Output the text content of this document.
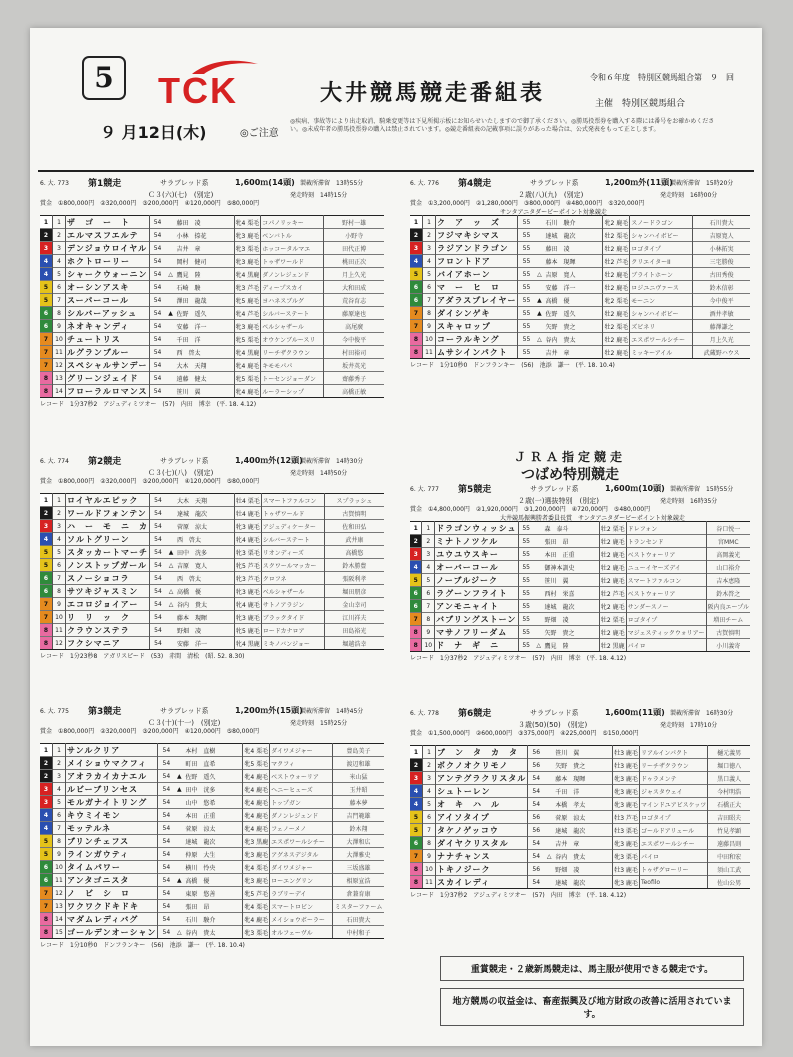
5	TCK	大井競馬競走番組表
令和６年度　特別区競馬組合第　９　回
主催　特別区競馬組合
９ 月12日(木)	◎ご注意
◎疾病、事故等により出走取消、騎乗変更等は下見所掲示板にお知らせいたしますので御了承ください。◎勝馬投票券を購入する際には番号をお確かめください。◎未成年者の勝馬投票券の購入は禁止されています。◎競走番組表の記載事項に誤りがあった場合は、公式発表をもって正とします。
6. 大. 773 第1競走	サラブレッド系	1,600ｍ(14頭) 製載所滞留　13時55分
Ｃ３(六)(七)　(別定)	発走時刻　14時15分
賞金　①800,000円　②320,000円　③200,000円　④120,000円　⑤80,000円
1	1	ザ　ゴ　ー　ト	54		藤田　凌	牝4 栗毛	コパノリッキー	野村一雄
2	2	エルマスフエルテ	54		小林　捺花	牝3 鹿毛	ベンバトル	小野寺
3	3	デンジョウロイヤル	54		吉井　章	牝3 栗毛	ホッコータルマエ	田代正博
4	4	ホクトローリー	54		岡村　健司	牝3 鹿毛	トゥザワールド	桃田正次
4	5	シャークウォーニン	54	△	鷹見　陸	牝4 黒鹿	ダノンレジェンド	月上久光
5	6	オーシンアスキ	54		石崎　駿	牝3 芦毛	ディープスカイ	大和田成
5	7	スーパーコール	54		澤田　龍哉	牝5 鹿毛	ヨハネスブルグ	荒谷育志
6	8	シルバーアッシュ	54	▲	佐野　遥久	牝4 芦毛	シルバーステート	藤原達也
6	9	ネオキャンディ	54		安藤　洋一	牝3 鹿毛	ベルシャザール	高尾廣
7	10	チュートリス	54		千田　洋	牝5 栗毛	オウケンブルースリ	今中俊平
7	11	ルグランブルー	54		西　啓太	牝4 黒鹿	リーチザクラウン	村田裕司
7	12	スペシャルサンデー	54		大木　天翔	牝4 鹿毛	キモモパパ	坂井英光
8	13	グリーンジェイド	54		遠藤　健太	牝5 栗毛	トーセンジョーダン	齋藤秀子
8	14	フローラルロマンス	54		笹川　翼	牝4 鹿毛	ルーラーシップ	高橋正敏
レコード　1分37秒2　アジュディミツオー　(57)　内田　博幸　(平. 18. 4.12)
6. 大. 774 第2競走	サラブレッド系	1,400ｍ外(12頭)
製載所滞留　14時30分
Ｃ３(七)(八)　(別定)	発走時刻　14時50分
賞金　①800,000円　②320,000円　③200,000円　④120,000円　⑤80,000円
1	1	ロイヤルエピック	54		大木　天翔	牡4 栗毛	スマートファルコン	スプラッシュ
2	2	ワールドフォンテン	54		達城　龍次	牡4 鹿毛	トゥザワールド	古賀慎明
3	3	ハ　ー　モ　ニ　カ	54		菅原　涼太	牝3 鹿毛	アジュディケーター	佐和田弘
4	4	ソルトグリーン	54		西　啓太	牝4 鹿毛	シルバーステート	武井康
5	5	スタッカートマーチ	54	▲	田中　洸多	牝3 栗毛	リオンディーズ	高橋悠
5	6	ノンストップガール	54	△	吉原　寛人	牝5 芦毛	スクワールマッカー	鈴木勝豊
6	7	スノーショコラ	54		西　啓太	牝3 芦毛	クロフネ	張阪利孝
6	8	サツキジャスミン	54	△	高橋　優	牝3 鹿毛	ベルシャザール	堀田朋彦
7	9	エコロジョイアー	54	△	谷内　貴太	牝4 鹿毛	サトノアラジン	金山幸司
7	10	リ　リ　ッ　ク	54		藤本　現暉	牝3 鹿毛	ブラックタイド	江川祥夫
8	11	クラウンステラ	54		野畑　凌	牝5 鹿毛	ロードカナロア	田島裕光
8	12	フクシマニア	54		安藤　洋一	牝4 黒鹿	ミキノバンジョー	堀越浩幸
レコード　1分23秒8　アガリスピード　(53)　赤間　清松　(昭. 52. 8.30)
6. 大. 775 第3競走	サラブレッド系	1,200ｍ外(15頭)
製載所滞留　14時45分
Ｃ３(十)(十一)　(別定)	発走時刻　15時25分
賞金　①800,000円　②320,000円　③200,000円　④120,000円　⑤80,000円
1	1	サンルクリア	54		本村　直樹	牝4 栗毛	ダイワメジャー	豊島美子
2	2	メイショウマクフィ	54		町田　直希	牝5 栗毛	マクフィ	渡辺和雄
2	3	アオラカイカナエル	54	▲	佐野　遥久	牝4 鹿毛	ベストウォーリア	米山猛
3	4	ルビーブリンセス	54	▲	田中　洸多	牝4 鹿毛	ヘニーヒューズ	玉井昭
3	5	モルガナイトリング	54		山中　悠希	牝4 鹿毛	トップガン	藤本夢
4	6	キウミイモン	54		本田　正重	牝4 鹿毛	ダノンレジェンド	吉門範雄
4	7	モッテルネ	54		菅原　涼太	牝4 鹿毛	フェノーメノ	鈴木翔
5	8	ブリンチェフス	54		達城　龍次	牝3 黒鹿	エスポワールシチー	大澤和広
5	9	ラインガウティ	54		仲原　大生	牝3 鹿毛	アグネスデジタル	大澤雅史
6	10	タイムパワー	54		横川　怜央	牝4 栗毛	ダイワメジャー	三坂盛雄
6	11	アンタゴニスタ	54	▲	高橋　優	牝3 鹿毛	ローエングリン	相原宣浩
7	12	ノ　ビ　シ　ロ	54		東原　悠善	牝5 芦毛	ラブリーデイ	倉兼育康
7	13	ワクワクドキドキ	54		張田　昂	牝4 栗毛	スマートロビン	ミスターファーム
8	14	マダムレディバグ	54		石川　駿介	牝4 鹿毛	メイショウボーラー	石田貴大
8	15	ゴールデンオーシャン	54	△	谷内　貴太	牝3 栗毛	オルフェーヴル	中村和子
レコード　1分10秒0　ドンフランキー　(56)　池添　謙一　(平. 18. 10.4)
6. 大. 776 第4競走	サラブレッド系	1,200ｍ外(11頭)
製載所滞留　15時20分
２歳(八)(九)　(別定)	発走時刻　16時00分
賞金　①3,200,000円　②1,280,000円　③800,000円　④480,000円　⑤320,000円
サンタアニタダービーポイント対象競走
1	1	ク　ア　ッ　ズ	55		石川　駿介	牝2 鹿毛	スノードラゴン	石川貴大
2	2	フジマキシマス	55		達城　龍次	牡2 栗毛	シャンハイボビー	吉原寛人
3	3	ラジアンドラゴン	55		藤田　凌	牡2 鹿毛	ロゴタイプ	小林拓実
4	4	フロントドア	55		藤本　現暉	牡2 芦毛	クリエイターII	三宅勝俊
5	5	バイアホーン	55	△	吉原　寛人	牡2 鹿毛	ブライトホーン	古田秀俊
6	6	マ　ー　ヒ　ロ	55		安藤　洋一	牡2 鹿毛	ロジユニヴァース	鈴木信彰
6	7	アダラスプレイヤー	55	▲	高橋　優	牝2 栗毛	モーニン	今中俊平
7	8	ダイシンゲキ	55	▲	佐野　遥久	牡2 鹿毛	シャンハイボビー	酒井孝敏
7	9	スキャロップ	55		矢野　貴之	牡2 栗毛	ズビネリ	藤澤謙之
8	10	コーラルキング	55	△	谷内　貴太	牡2 鹿毛	エスポワールシチー	月上久光
8	11	ムサシインパクト	55		吉井　章	牡2 鹿毛	ミッキーアイル	武蔵野ハウス
レコード　1分10秒0　ドンフランキー　(56)　池添　謙一　(平. 18. 10.4)
6. 大. 777 第5競走	サラブレッド系	1,600ｍ(10頭) 製載所滞留　15時55分
２歳(一)選抜特別　(別定)	発走時刻　16時35分
賞金　①4,800,000円　②1,920,000円　③1,200,000円　④720,000円　⑤480,000円
大井競馬振興勝者委員長賞　サンタアニタダービーポイント対象競走
1	1	ドラゴンウィッシュ	55		森　泰斗	牡2 栗毛	ドレフォン	谷口悦一
2	2	ミナトノツケル	55		張田　昂	牡2 鹿毛	トランセンド	宮MMC
3	3	ユウユウスキー	55		本田　正重	牡2 鹿毛	ベストウォーリア	高岡義光
4	4	オーバーコール	55		御神本訓史	牡2 鹿毛	ニューイヤーズデイ	山口裕介
5	5	ノーブルジーク	55		笹川　翼	牡2 鹿毛	スマートファルコン	吉本恵隆
6	6	ラグーンフライト	55		西村　栄喜	牡2 芦毛	ベストウォーリア	鈴木啓之
6	7	アンモニャイト	55		達城　龍次	牝2 鹿毛	サンダースノー	阪内良エープル
7	8	バブリングストーン	55		野畑　凌	牡2 栗毛	ロゴタイプ	増田チーム
8	9	マサノフリーダム	55		矢野　貴之	牡2 鹿毛	マジェスティックウォリアー	古賀慎明
8	10	ド　ナ　ギ　ニ	55	△	鷹見　陸	牡2 黒鹿	パイロ	小川義寄
レコード　1分37秒2　アジュディミツオー　(57)　内田　博幸　(平. 18. 4.12)
6. 大. 778 第6競走	サラブレッド系	1,600ｍ(11頭) 製載所滞留　16時30分
３歳(50)(50)　(別定)	発走時刻　17時10分
賞金　①1,500,000円　②600,000円　③375,000円　④225,000円　⑤150,000円
1	1	ブ　ン　タ　カ　タ	56		笹川　翼	牡3 鹿毛	リアルインパクト	樋元義男
2	2	ボクノオクリモノ	56		矢野　貴之	牡3 鹿毛	リーチザクラウン	堀口徳八
3	3	アンテグラクリスタル	54		藤本　現暉	牝3 鹿毛	ドゥラメンテ	黒口義人
4	4	シュトーレン	54		千田　洋	牝3 鹿毛	ジャスタウェイ	今村明浩
4	5	オ　キ　ハ　ル	54		本橋　孝太	牝3 鹿毛	マインドユアビスケッツ	石橋正大
5	6	アイソタイプ	56		菅原　涼太	牡3 芦毛	ロゴタイプ	吉田昭夫
5	7	タケノゲッコウ	56		達城　龍次	牡3 栗毛	ゴールドアリュール	竹見孝顕
6	8	ダイヤクリスタル	54		吉井　章	牝3 鹿毛	エスポワールシチー	遠藤昌則
7	9	ナナチャンス	54	△	谷内　貴太	牝3 栗毛	パイロ	中田和宏
8	10	トキノジーク	56		野畑　凌	牡3 鹿毛	トゥザグローリー	須山工武
8	11	スカイレディ	54		達城　龍次	牝3 鹿毛	Teofilo	佐山公男
レコード　1分37秒2　アジュディミツオー　(57)　内田　博幸　(平. 18. 4.12)
ＪＲＡ指定競走
つばめ特別競走
重賞競走・２歳新馬競走は、馬主服が使用できる競走です。
地方競馬の収益金は、畜産振興及び地方財政の改善に活用されています。
